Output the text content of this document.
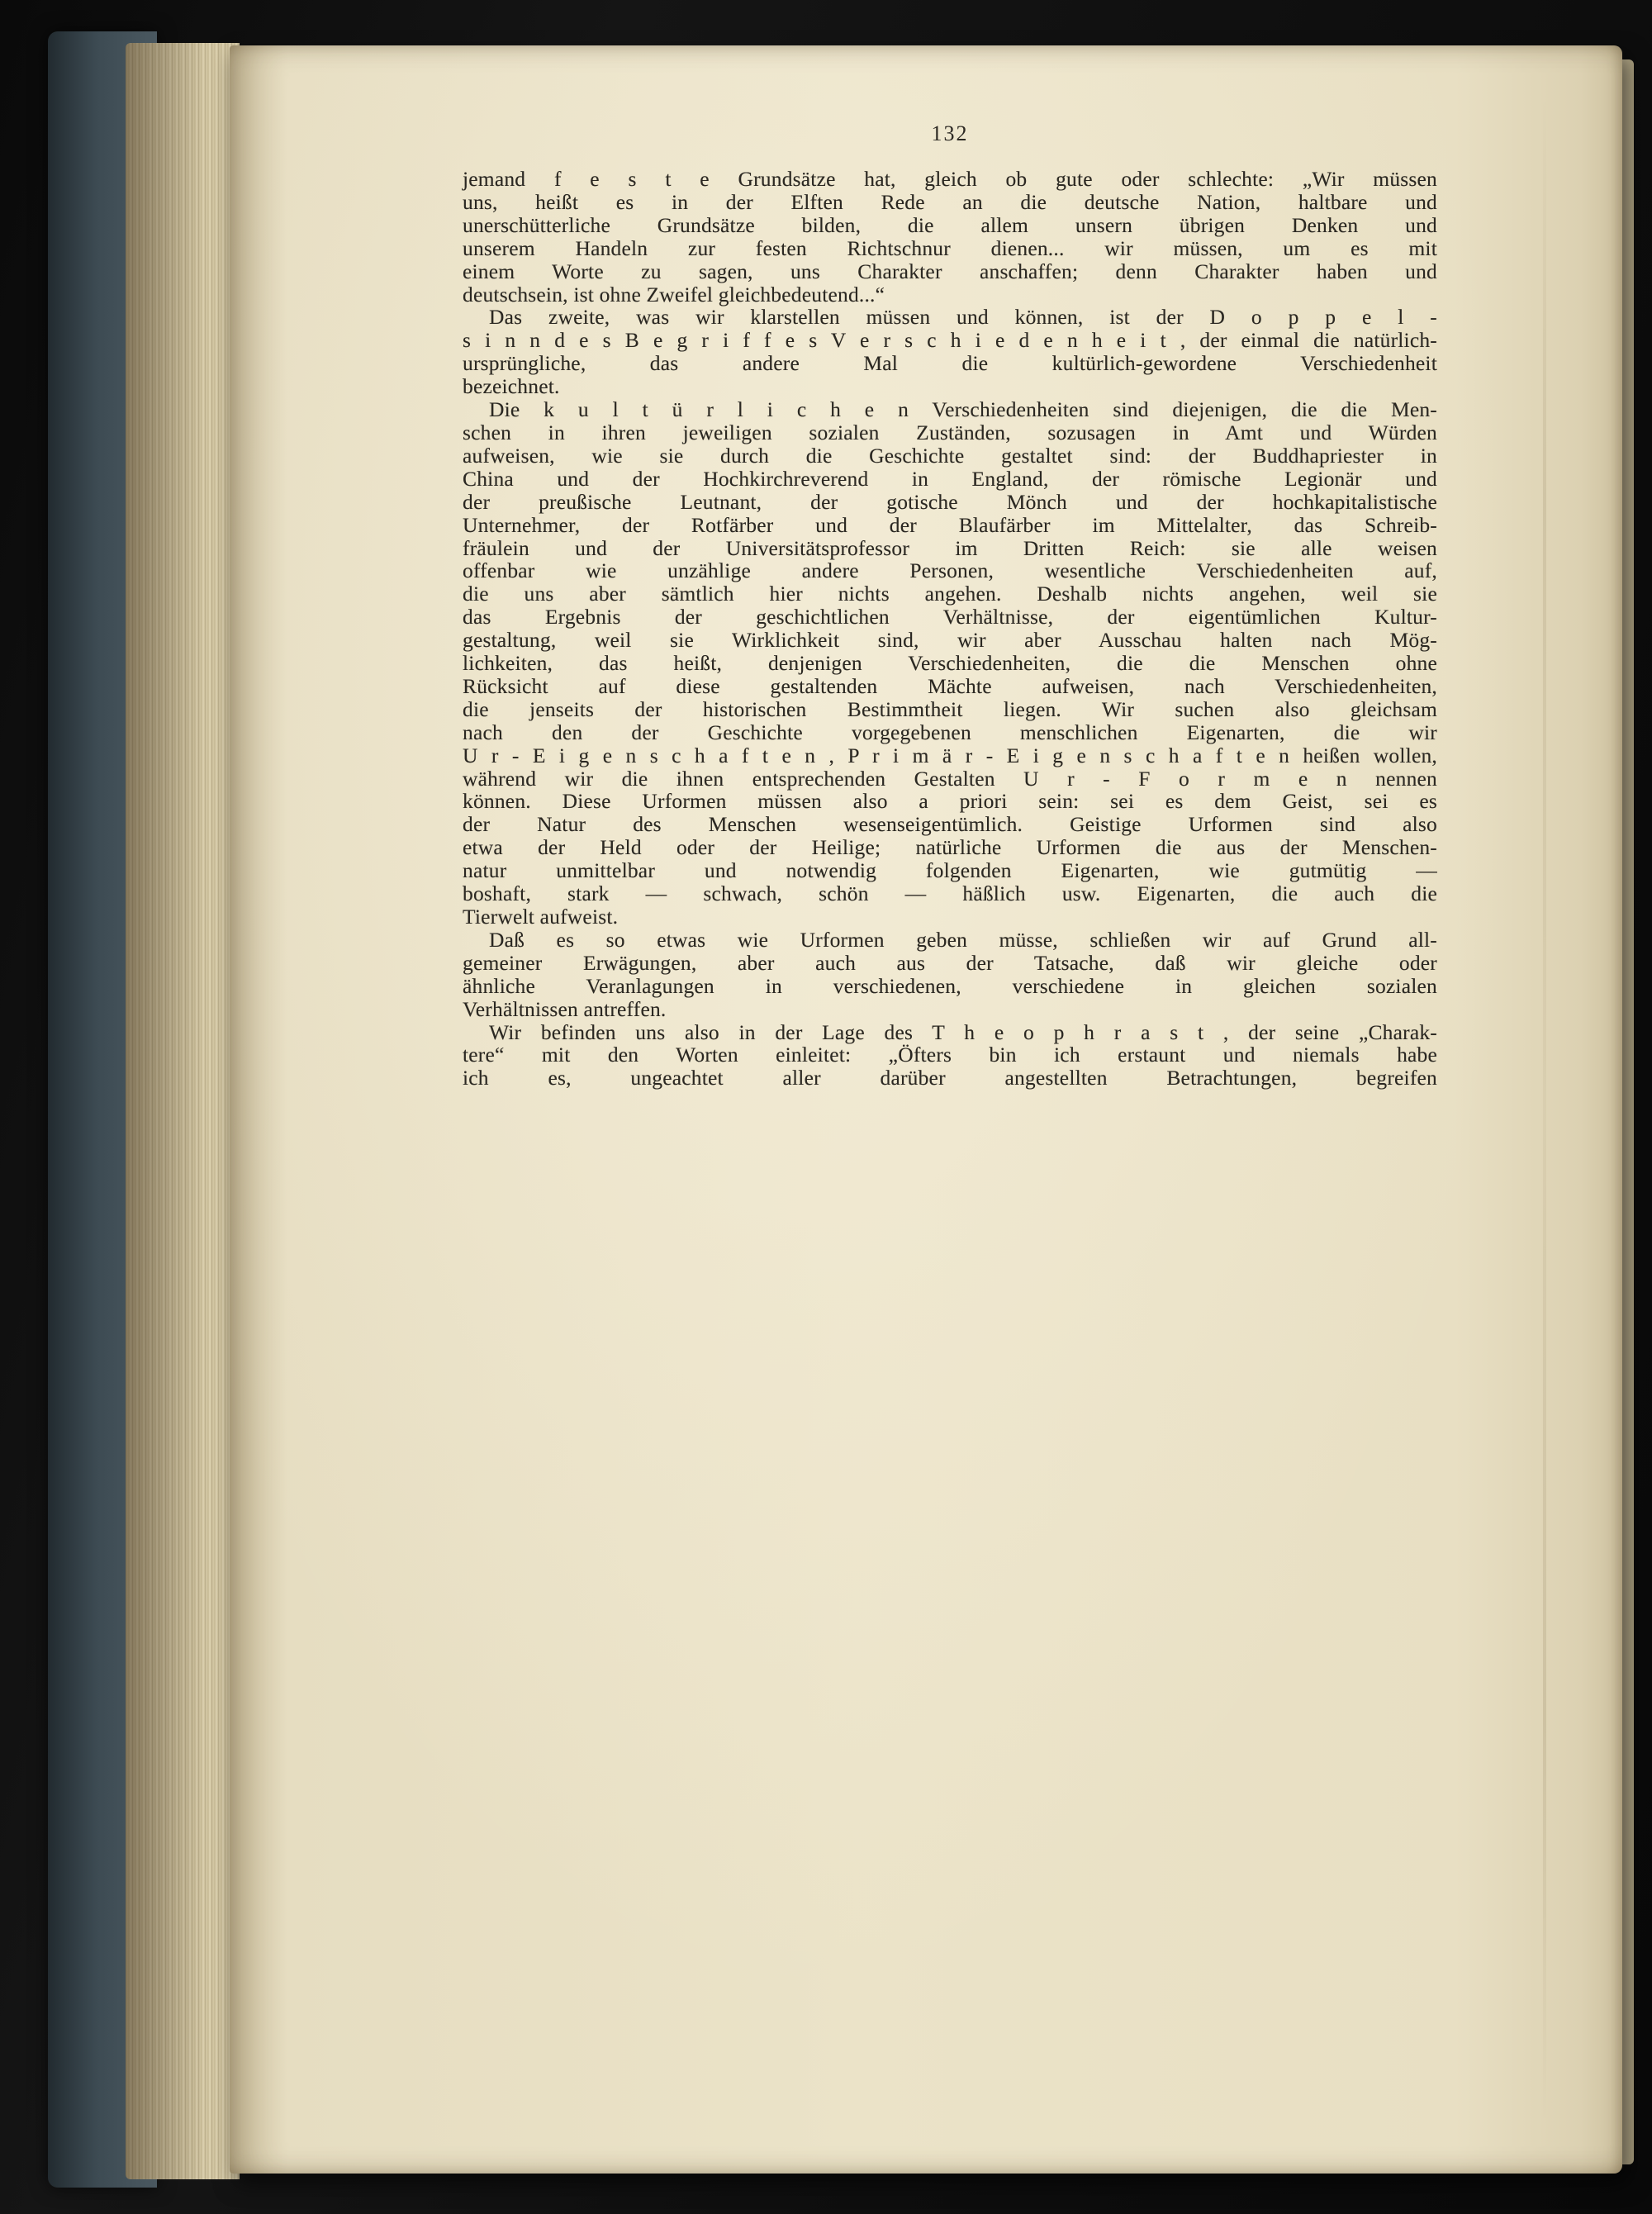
132
jemand f e s t e Grundsätze hat, gleich ob gute oder schlechte: „Wir müssen
uns, heißt es in der Elften Rede an die deutsche Nation, haltbare und
unerschütterliche Grundsätze bilden, die allem unsern übrigen Denken und
unserem Handeln zur festen Richtschnur dienen... wir müssen, um es mit
einem Worte zu sagen, uns Charakter anschaffen; denn Charakter haben und
deutschsein, ist ohne Zweifel gleichbedeutend...“
Das zweite, was wir klarstellen müssen und können, ist der D o p p e l -
s i n n d e s B e g r i f f e s V e r s c h i e d e n h e i t , der einmal die natürlich-
ursprüngliche, das andere Mal die kultürlich-gewordene Verschiedenheit
bezeichnet.
Die k u l t ü r l i c h e n Verschiedenheiten sind diejenigen, die die Men-
schen in ihren jeweiligen sozialen Zuständen, sozusagen in Amt und Würden
aufweisen, wie sie durch die Geschichte gestaltet sind: der Buddhapriester in
China und der Hochkirchreverend in England, der römische Legionär und
der preußische Leutnant, der gotische Mönch und der hochkapitalistische
Unternehmer, der Rotfärber und der Blaufärber im Mittelalter, das Schreib-
fräulein und der Universitätsprofessor im Dritten Reich: sie alle weisen
offenbar wie unzählige andere Personen, wesentliche Verschiedenheiten auf,
die uns aber sämtlich hier nichts angehen. Deshalb nichts angehen, weil sie
das Ergebnis der geschichtlichen Verhältnisse, der eigentümlichen Kultur-
gestaltung, weil sie Wirklichkeit sind, wir aber Ausschau halten nach Mög-
lichkeiten, das heißt, denjenigen Verschiedenheiten, die die Menschen ohne
Rücksicht auf diese gestaltenden Mächte aufweisen, nach Verschiedenheiten,
die jenseits der historischen Bestimmtheit liegen. Wir suchen also gleichsam
nach den der Geschichte vorgegebenen menschlichen Eigenarten, die wir
U r - E i g e n s c h a f t e n , P r i m ä r - E i g e n s c h a f t e n heißen wollen,
während wir die ihnen entsprechenden Gestalten U r - F o r m e n nennen
können. Diese Urformen müssen also a priori sein: sei es dem Geist, sei es
der Natur des Menschen wesenseigentümlich. Geistige Urformen sind also
etwa der Held oder der Heilige; natürliche Urformen die aus der Menschen-
natur unmittelbar und notwendig folgenden Eigenarten, wie gutmütig —
boshaft, stark — schwach, schön — häßlich usw. Eigenarten, die auch die
Tierwelt aufweist.
Daß es so etwas wie Urformen geben müsse, schließen wir auf Grund all-
gemeiner Erwägungen, aber auch aus der Tatsache, daß wir gleiche oder
ähnliche Veranlagungen in verschiedenen, verschiedene in gleichen sozialen
Verhältnissen antreffen.
Wir befinden uns also in der Lage des T h e o p h r a s t , der seine „Charak-
tere“ mit den Worten einleitet: „Öfters bin ich erstaunt und niemals habe
ich es, ungeachtet aller darüber angestellten Betrachtungen, begreifen
